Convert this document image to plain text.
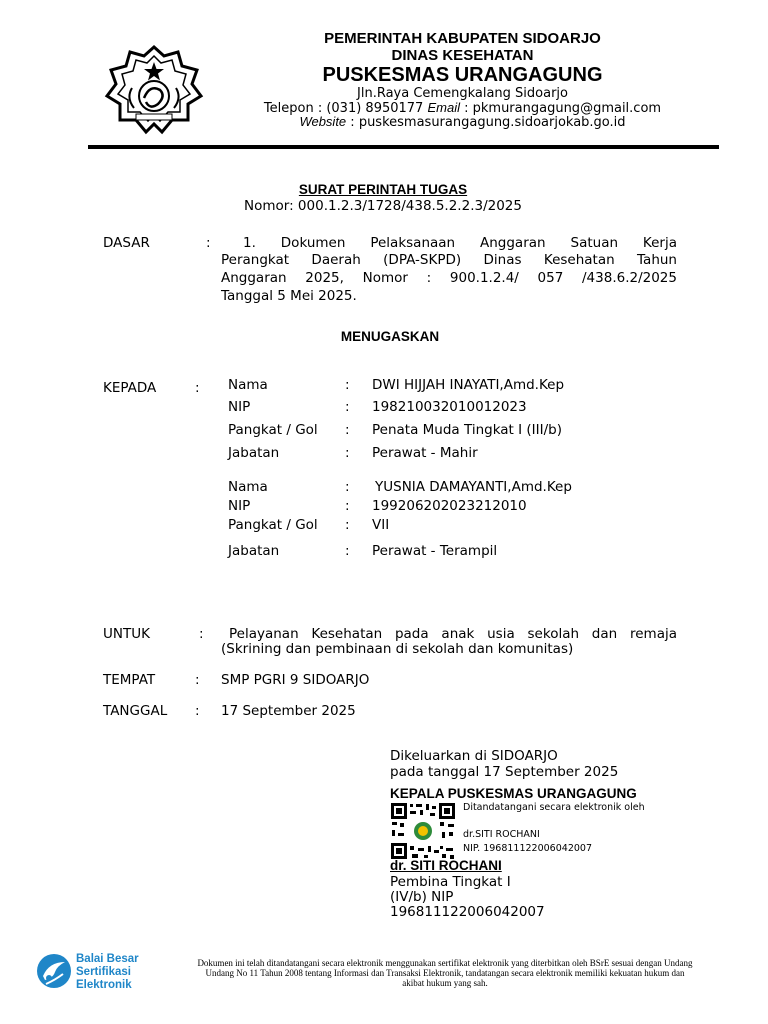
PEMERINTAH KABUPATEN SIDOARJO
DINAS KESEHATAN
PUSKESMAS URANGAGUNG
Jln.Raya Cemengkalang Sidoarjo
Telepon : (031) 8950177 Email : pkmurangagung@gmail.com
Website : puskesmasurangagung.sidoarjokab.go.id
SURAT PERINTAH TUGAS
Nomor: 000.1.2.3/1728/438.5.2.2.3/2025
DASAR	: 1. Dokumen Pelaksanaan Anggaran Satuan Kerja
Perangkat Daerah (DPA-SKPD) Dinas Kesehatan Tahun
Anggaran 2025, Nomor : 900.1.2.4/ 057 /438.6.2/2025
Tanggal 5 Mei 2025.
MENUGASKAN
KEPADA	: Nama	: DWI HIJJAH INAYATI,Amd.Kep
NIP	: 198210032010012023
Pangkat / Gol : Penata Muda Tingkat I (III/b)
Jabatan	: Perawat - Mahir
Nama	: YUSNIA DAMAYANTI,Amd.Kep
NIP	: 199206202023212010
Pangkat / Gol : VII
Jabatan	: Perawat - Terampil
UNTUK	: Pelayanan Kesehatan pada anak usia sekolah dan remaja
(Skrining dan pembinaan di sekolah dan komunitas)
TEMPAT	: SMP PGRI 9 SIDOARJO
TANGGAL : 17 September 2025
Dikeluarkan di SIDOARJO
pada tanggal 17 September 2025
KEPALA PUSKESMAS URANGAGUNG
Ditandatangani secara elektronik oleh
dr.SITI ROCHANI
NIP. 196811122006042007
dr. SITI ROCHANI
Pembina Tingkat I
(IV/b) NIP
196811122006042007
Balai Besar
Sertifikasi
Elektronik
Dokumen ini telah ditandatangani secara elektronik menggunakan sertifikat elektronik yang diterbitkan oleh BSrE sesuai dengan Undang
Undang No 11 Tahun 2008 tentang Informasi dan Transaksi Elektronik, tandatangan secara elektronik memiliki kekuatan hukum dan
akibat hukum yang sah.
